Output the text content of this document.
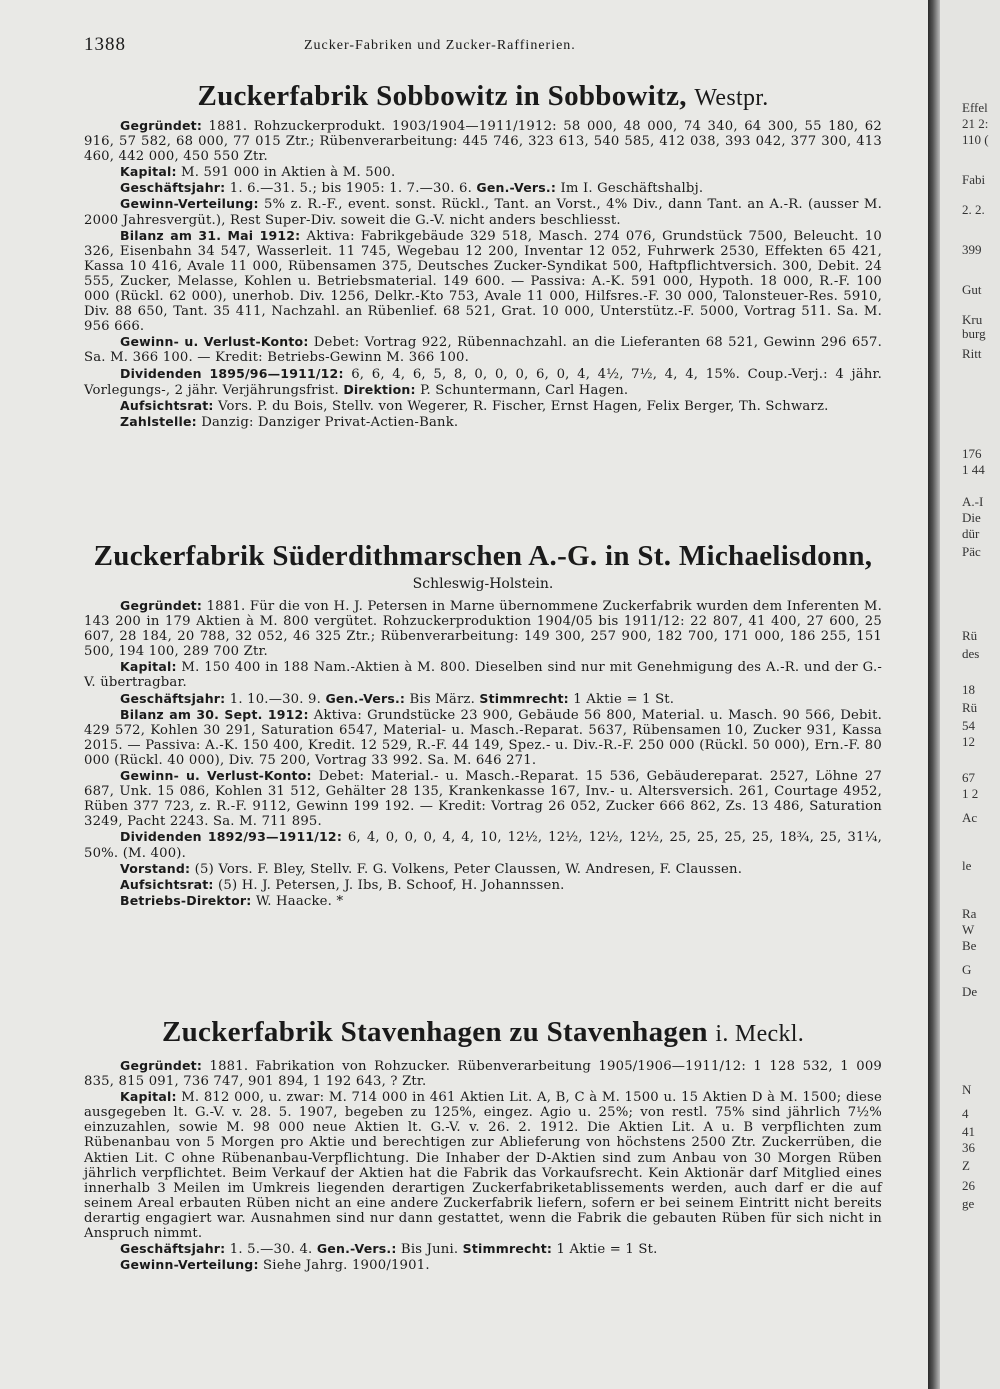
1388	Zucker-Fabriken und Zucker-Raffinerien.
Zuckerfabrik Sobbowitz in Sobbowitz, Westpr.

Gegründet: 1881. Rohzuckerprodukt. 1903/1904—1911/1912: 58 000, 48 000, 74 340, 64 300, 55 180, 62 916, 57 582, 68 000, 77 015 Ztr.; Rübenverarbeitung: 445 746, 323 613, 540 585, 412 038, 393 042, 377 300, 413 460, 442 000, 450 550 Ztr.

Kapital: M. 591 000 in Aktien à M. 500.

Geschäftsjahr: 1. 6.—31. 5.; bis 1905: 1. 7.—30. 6. Gen.-Vers.: Im I. Geschäftshalbj.

Gewinn-Verteilung: 5% z. R.-F., event. sonst. Rückl., Tant. an Vorst., 4% Div., dann Tant. an A.-R. (ausser M. 2000 Jahresvergüt.), Rest Super-Div. soweit die G.-V. nicht anders beschliesst.

Bilanz am 31. Mai 1912: Aktiva: Fabrikgebäude 329 518, Masch. 274 076, Grundstück 7500, Beleucht. 10 326, Eisenbahn 34 547, Wasserleit. 11 745, Wegebau 12 200, Inventar 12 052, Fuhrwerk 2530, Effekten 65 421, Kassa 10 416, Avale 11 000, Rübensamen 375, Deutsches Zucker-Syndikat 500, Haftpflichtversich. 300, Debit. 24 555, Zucker, Melasse, Kohlen u. Betriebsmaterial. 149 600. — Passiva: A.-K. 591 000, Hypoth. 18 000, R.-F. 100 000 (Rückl. 62 000), unerhob. Div. 1256, Delkr.-Kto 753, Avale 11 000, Hilfsres.-F. 30 000, Talonsteuer-Res. 5910, Div. 88 650, Tant. 35 411, Nachzahl. an Rübenlief. 68 521, Grat. 10 000, Unterstütz.-F. 5000, Vortrag 511. Sa. M. 956 666.

Gewinn- u. Verlust-Konto: Debet: Vortrag 922, Rübennachzahl. an die Lieferanten 68 521, Gewinn 296 657. Sa. M. 366 100. — Kredit: Betriebs-Gewinn M. 366 100.

Dividenden 1895/96—1911/12: 6, 6, 4, 6, 5, 8, 0, 0, 0, 6, 0, 4, 4½, 7½, 4, 4, 15%. Coup.-Verj.: 4 jähr. Vorlegungs-, 2 jähr. Verjährungsfrist. Direktion: P. Schuntermann, Carl Hagen.

Aufsichtsrat: Vors. P. du Bois, Stellv. von Wegerer, R. Fischer, Ernst Hagen, Felix Berger, Th. Schwarz.

Zahlstelle: Danzig: Danziger Privat-Actien-Bank.

Zuckerfabrik Süderdithmarschen A.-G. in St. Michaelisdonn,
Schleswig-Holstein.

Gegründet: 1881. Für die von H. J. Petersen in Marne übernommene Zuckerfabrik wurden dem Inferenten M. 143 200 in 179 Aktien à M. 800 vergütet. Rohzuckerproduktion 1904/05 bis 1911/12: 22 807, 41 400, 27 600, 25 607, 28 184, 20 788, 32 052, 46 325 Ztr.; Rübenverarbeitung: 149 300, 257 900, 182 700, 171 000, 186 255, 151 500, 194 100, 289 700 Ztr.

Kapital: M. 150 400 in 188 Nam.-Aktien à M. 800. Dieselben sind nur mit Genehmigung des A.-R. und der G.-V. übertragbar.

Geschäftsjahr: 1. 10.—30. 9. Gen.-Vers.: Bis März. Stimmrecht: 1 Aktie = 1 St.

Bilanz am 30. Sept. 1912: Aktiva: Grundstücke 23 900, Gebäude 56 800, Material. u. Masch. 90 566, Debit. 429 572, Kohlen 30 291, Saturation 6547, Material- u. Masch.-Reparat. 5637, Rübensamen 10, Zucker 931, Kassa 2015. — Passiva: A.-K. 150 400, Kredit. 12 529, R.-F. 44 149, Spez.- u. Div.-R.-F. 250 000 (Rückl. 50 000), Ern.-F. 80 000 (Rückl. 40 000), Div. 75 200, Vortrag 33 992. Sa. M. 646 271.

Gewinn- u. Verlust-Konto: Debet: Material.- u. Masch.-Reparat. 15 536, Gebäudereparat. 2527, Löhne 27 687, Unk. 15 086, Kohlen 31 512, Gehälter 28 135, Krankenkasse 167, Inv.- u. Altersversich. 261, Courtage 4952, Rüben 377 723, z. R.-F. 9112, Gewinn 199 192. — Kredit: Vortrag 26 052, Zucker 666 862, Zs. 13 486, Saturation 3249, Pacht 2243. Sa. M. 711 895.

Dividenden 1892/93—1911/12: 6, 4, 0, 0, 0, 4, 4, 10, 12½, 12½, 12½, 12½, 25, 25, 25, 25, 18¾, 25, 31¼, 50%. (M. 400).

Vorstand: (5) Vors. F. Bley, Stellv. F. G. Volkens, Peter Claussen, W. Andresen, F. Claussen.

Aufsichtsrat: (5) H. J. Petersen, J. Ibs, B. Schoof, H. Johannssen.

Betriebs-Direktor: W. Haacke. *

Zuckerfabrik Stavenhagen zu Stavenhagen i. Meckl.

Gegründet: 1881. Fabrikation von Rohzucker. Rübenverarbeitung 1905/1906—1911/12: 1 128 532, 1 009 835, 815 091, 736 747, 901 894, 1 192 643, ? Ztr.

Kapital: M. 812 000, u. zwar: M. 714 000 in 461 Aktien Lit. A, B, C à M. 1500 u. 15 Aktien D à M. 1500; diese ausgegeben lt. G.-V. v. 28. 5. 1907, begeben zu 125%, eingez. Agio u. 25%; von restl. 75% sind jährlich 7½% einzuzahlen, sowie M. 98 000 neue Aktien lt. G.-V. v. 26. 2. 1912. Die Aktien Lit. A u. B verpflichten zum Rübenanbau von 5 Morgen pro Aktie und berechtigen zur Ablieferung von höchstens 2500 Ztr. Zuckerrüben, die Aktien Lit. C ohne Rübenanbau-Verpflichtung. Die Inhaber der D-Aktien sind zum Anbau von 30 Morgen Rüben jährlich verpflichtet. Beim Verkauf der Aktien hat die Fabrik das Vorkaufsrecht. Kein Aktionär darf Mitglied eines innerhalb 3 Meilen im Umkreis liegenden derartigen Zuckerfabriketablissements werden, auch darf er die auf seinem Areal erbauten Rüben nicht an eine andere Zuckerfabrik liefern, sofern er bei seinem Eintritt nicht bereits derartig engagiert war. Ausnahmen sind nur dann gestattet, wenn die Fabrik die gebauten Rüben für sich nicht in Anspruch nimmt.

Geschäftsjahr: 1. 5.—30. 4. Gen.-Vers.: Bis Juni. Stimmrecht: 1 Aktie = 1 St.

Gewinn-Verteilung: Siehe Jahrg. 1900/1901.

Effel
21 2:
110 (
Fabi
2. 2.
399
Gut
Kru
burg
Ritt
176
1 44
A.-I
Die
dür
Päc
Rü
des
18
Rü
54
12
67
1 2
Ac
le
Ra
W
Be
G
De
N
4
41
36
Z
26
ge
